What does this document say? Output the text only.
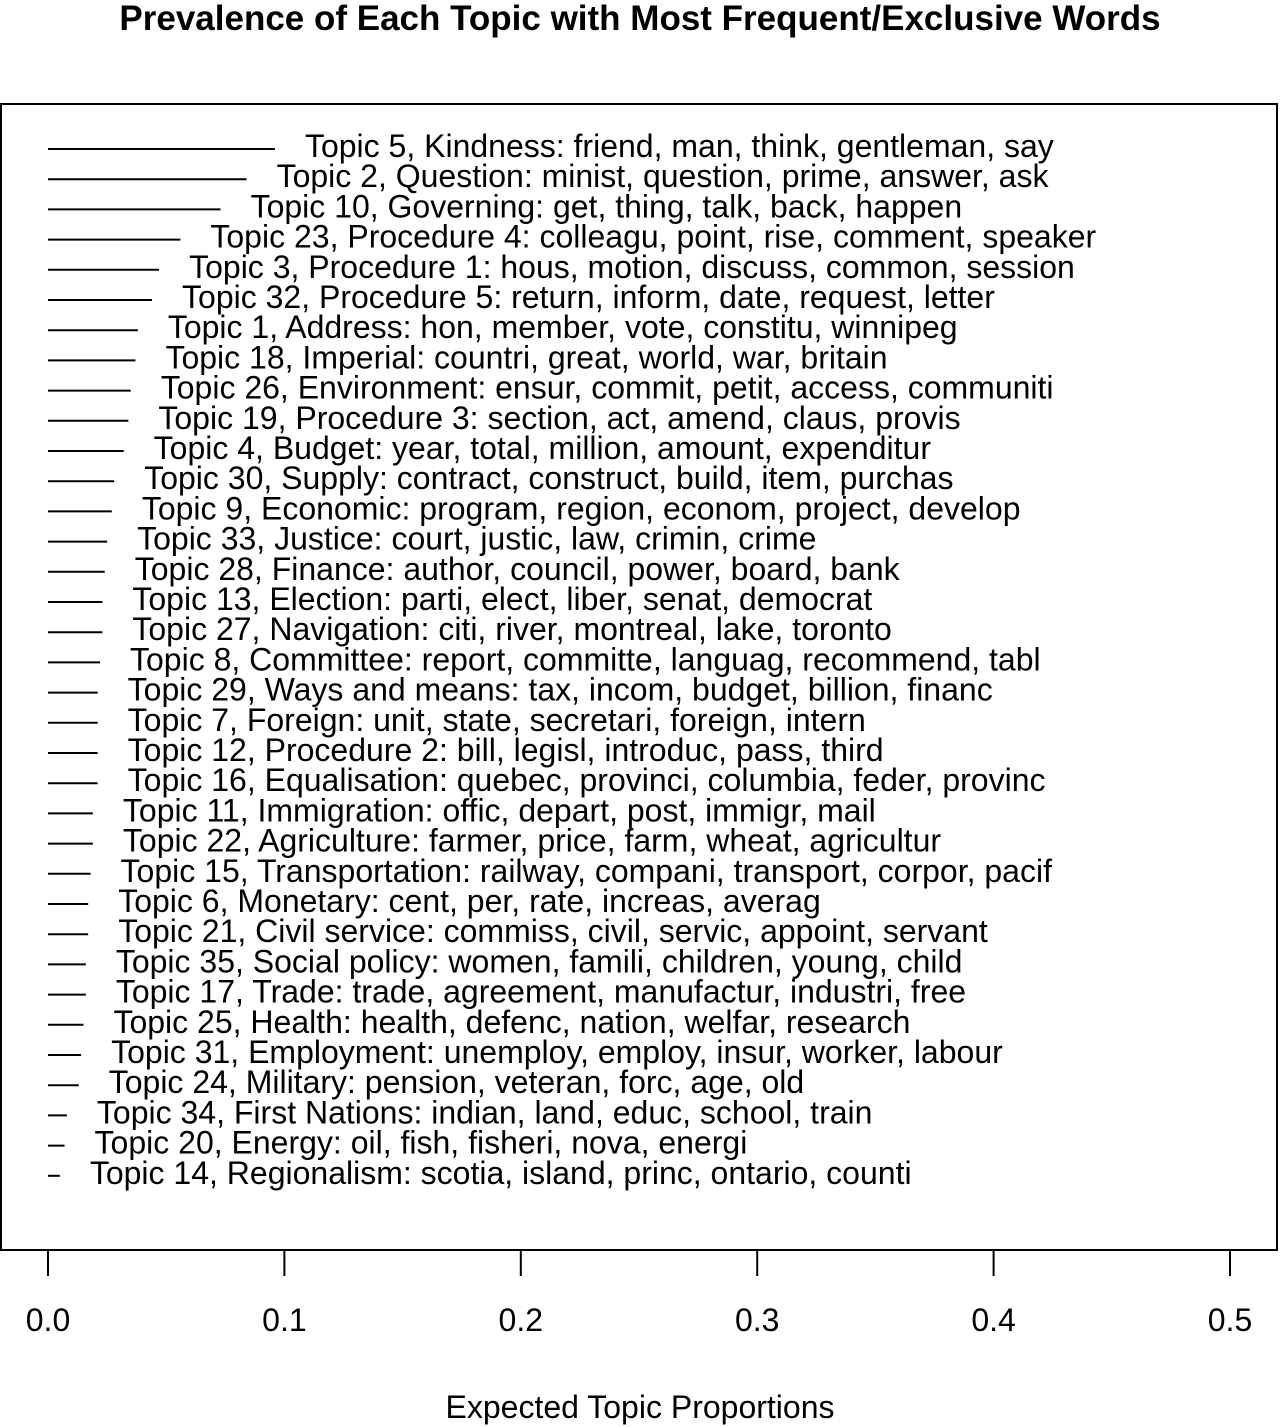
Prevalence of Each Topic with Most Frequent/Exclusive Words
Topic 5, Kindness: friend, man, think, gentleman, say
Topic 2, Question: minist, question, prime, answer, ask
Topic 10, Governing: get, thing, talk, back, happen
Topic 23, Procedure 4: colleagu, point, rise, comment, speaker
Topic 3, Procedure 1: hous, motion, discuss, common, session
Topic 32, Procedure 5: return, inform, date, request, letter
Topic 1, Address: hon, member, vote, constitu, winnipeg
Topic 18, Imperial: countri, great, world, war, britain
Topic 26, Environment: ensur, commit, petit, access, communiti
Topic 19, Procedure 3: section, act, amend, claus, provis
Topic 4, Budget: year, total, million, amount, expenditur
Topic 30, Supply: contract, construct, build, item, purchas
Topic 9, Economic: program, region, econom, project, develop
Topic 33, Justice: court, justic, law, crimin, crime
Topic 28, Finance: author, council, power, board, bank
Topic 13, Election: parti, elect, liber, senat, democrat
Topic 27, Navigation: citi, river, montreal, lake, toronto
Topic 8, Committee: report, committe, languag, recommend, tabl
Topic 29, Ways and means: tax, incom, budget, billion, financ
Topic 7, Foreign: unit, state, secretari, foreign, intern
Topic 12, Procedure 2: bill, legisl, introduc, pass, third
Topic 16, Equalisation: quebec, provinci, columbia, feder, provinc
Topic 11, Immigration: offic, depart, post, immigr, mail
Topic 22, Agriculture: farmer, price, farm, wheat, agricultur
Topic 15, Transportation: railway, compani, transport, corpor, pacif
Topic 6, Monetary: cent, per, rate, increas, averag
Topic 21, Civil service: commiss, civil, servic, appoint, servant
Topic 35, Social policy: women, famili, children, young, child
Topic 17, Trade: trade, agreement, manufactur, industri, free
Topic 25, Health: health, defenc, nation, welfar, research
Topic 31, Employment: unemploy, employ, insur, worker, labour
Topic 24, Military: pension, veteran, forc, age, old
Topic 34, First Nations: indian, land, educ, school, train
Topic 20, Energy: oil, fish, fisheri, nova, energi
Topic 14, Regionalism: scotia, island, princ, ontario, counti
0.0	0.1	0.2	0.3	0.4	0.5
Expected Topic Proportions
